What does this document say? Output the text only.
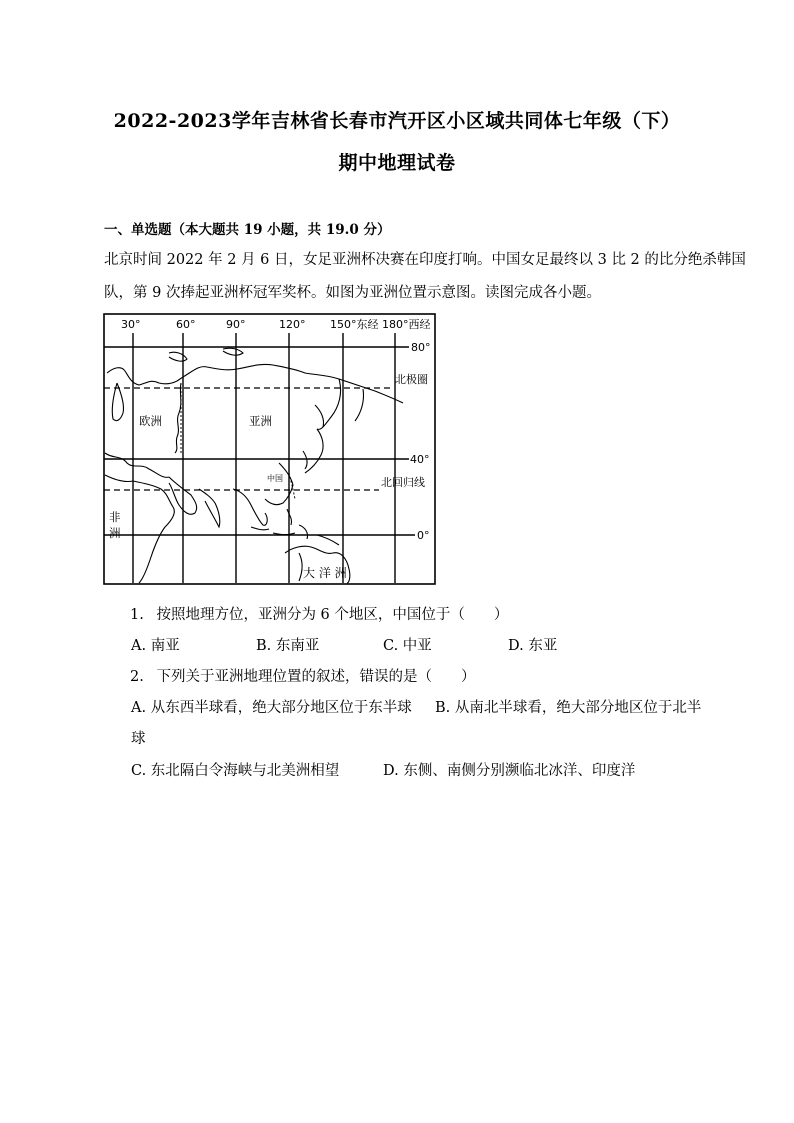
2022-2023学年吉林省长春市汽开区小区域共同体七年级（下）
期中地理试卷
一、单选题（本大题共 19 小题，共 19.0 分）
北京时间 2022 年 2 月 6 日，女足亚洲杯决赛在印度打响。中国女足最终以 3 比 2 的比分绝杀韩国
队，第 9 次捧起亚洲杯冠军奖杯。如图为亚洲位置示意图。读图完成各小题。
30°	60°	90°	120° 150°东经 180°西经
80°
40°
0°
北极圈
北回归线
欧洲	亚洲
中国
非
洲
大 洋 洲
1. 按照地理方位，亚洲分为 6 个地区，中国位于（　　）
A. 南亚	B. 东南亚	C. 中亚	D. 东亚
2. 下列关于亚洲地理位置的叙述，错误的是（　　）
A. 从东西半球看，绝大部分地区位于东半球 B. 从南北半球看，绝大部分地区位于北半
球
C. 东北隔白令海峡与北美洲相望	D. 东侧、南侧分别濒临北冰洋、印度洋
